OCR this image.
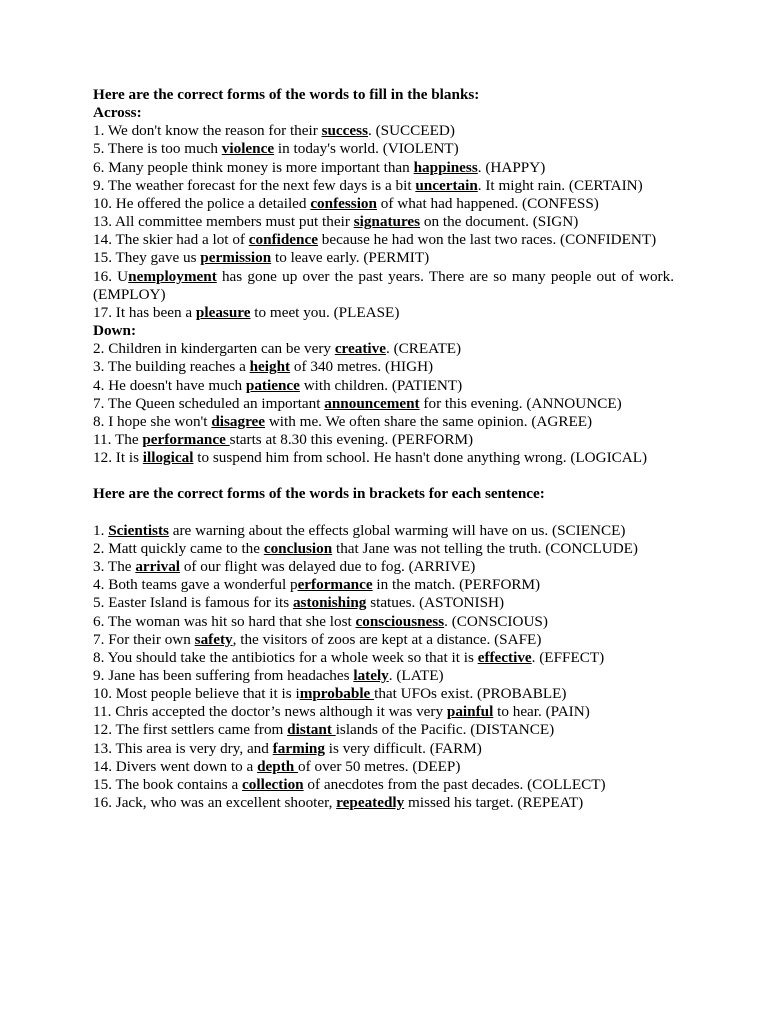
Here are the correct forms of the words to fill in the blanks:

Across:

1. We don't know the reason for their success. (SUCCEED)

5. There is too much violence in today's world. (VIOLENT)

6. Many people think money is more important than happiness. (HAPPY)

9. The weather forecast for the next few days is a bit uncertain. It might rain. (CERTAIN)

10. He offered the police a detailed confession of what had happened. (CONFESS)

13. All committee members must put their signatures on the document. (SIGN)

14. The skier had a lot of confidence because he had won the last two races. (CONFIDENT)

15. They gave us permission to leave early. (PERMIT)

16. Unemployment has gone up over the past years. There are so many people out of work. (EMPLOY)

17. It has been a pleasure to meet you. (PLEASE)

Down:

2. Children in kindergarten can be very creative. (CREATE)

3. The building reaches a height of 340 metres. (HIGH)

4. He doesn't have much patience with children. (PATIENT)

7. The Queen scheduled an important announcement for this evening. (ANNOUNCE)

8. I hope she won't disagree with me. We often share the same opinion. (AGREE)

11. The performance starts at 8.30 this evening. (PERFORM)

12. It is illogical to suspend him from school. He hasn't done anything wrong. (LOGICAL)

Here are the correct forms of the words in brackets for each sentence:

1. Scientists are warning about the effects global warming will have on us. (SCIENCE)

2. Matt quickly came to the conclusion that Jane was not telling the truth. (CONCLUDE)

3. The arrival of our flight was delayed due to fog. (ARRIVE)

4. Both teams gave a wonderful performance in the match. (PERFORM)

5. Easter Island is famous for its astonishing statues. (ASTONISH)

6. The woman was hit so hard that she lost consciousness. (CONSCIOUS)

7. For their own safety, the visitors of zoos are kept at a distance. (SAFE)

8. You should take the antibiotics for a whole week so that it is effective. (EFFECT)

9. Jane has been suffering from headaches lately. (LATE)

10. Most people believe that it is improbable that UFOs exist. (PROBABLE)

11. Chris accepted the doctor’s news although it was very painful to hear. (PAIN)

12. The first settlers came from distant islands of the Pacific. (DISTANCE)

13. This area is very dry, and farming is very difficult. (FARM)

14. Divers went down to a depth of over 50 metres. (DEEP)

15. The book contains a collection of anecdotes from the past decades. (COLLECT)

16. Jack, who was an excellent shooter, repeatedly missed his target. (REPEAT)
